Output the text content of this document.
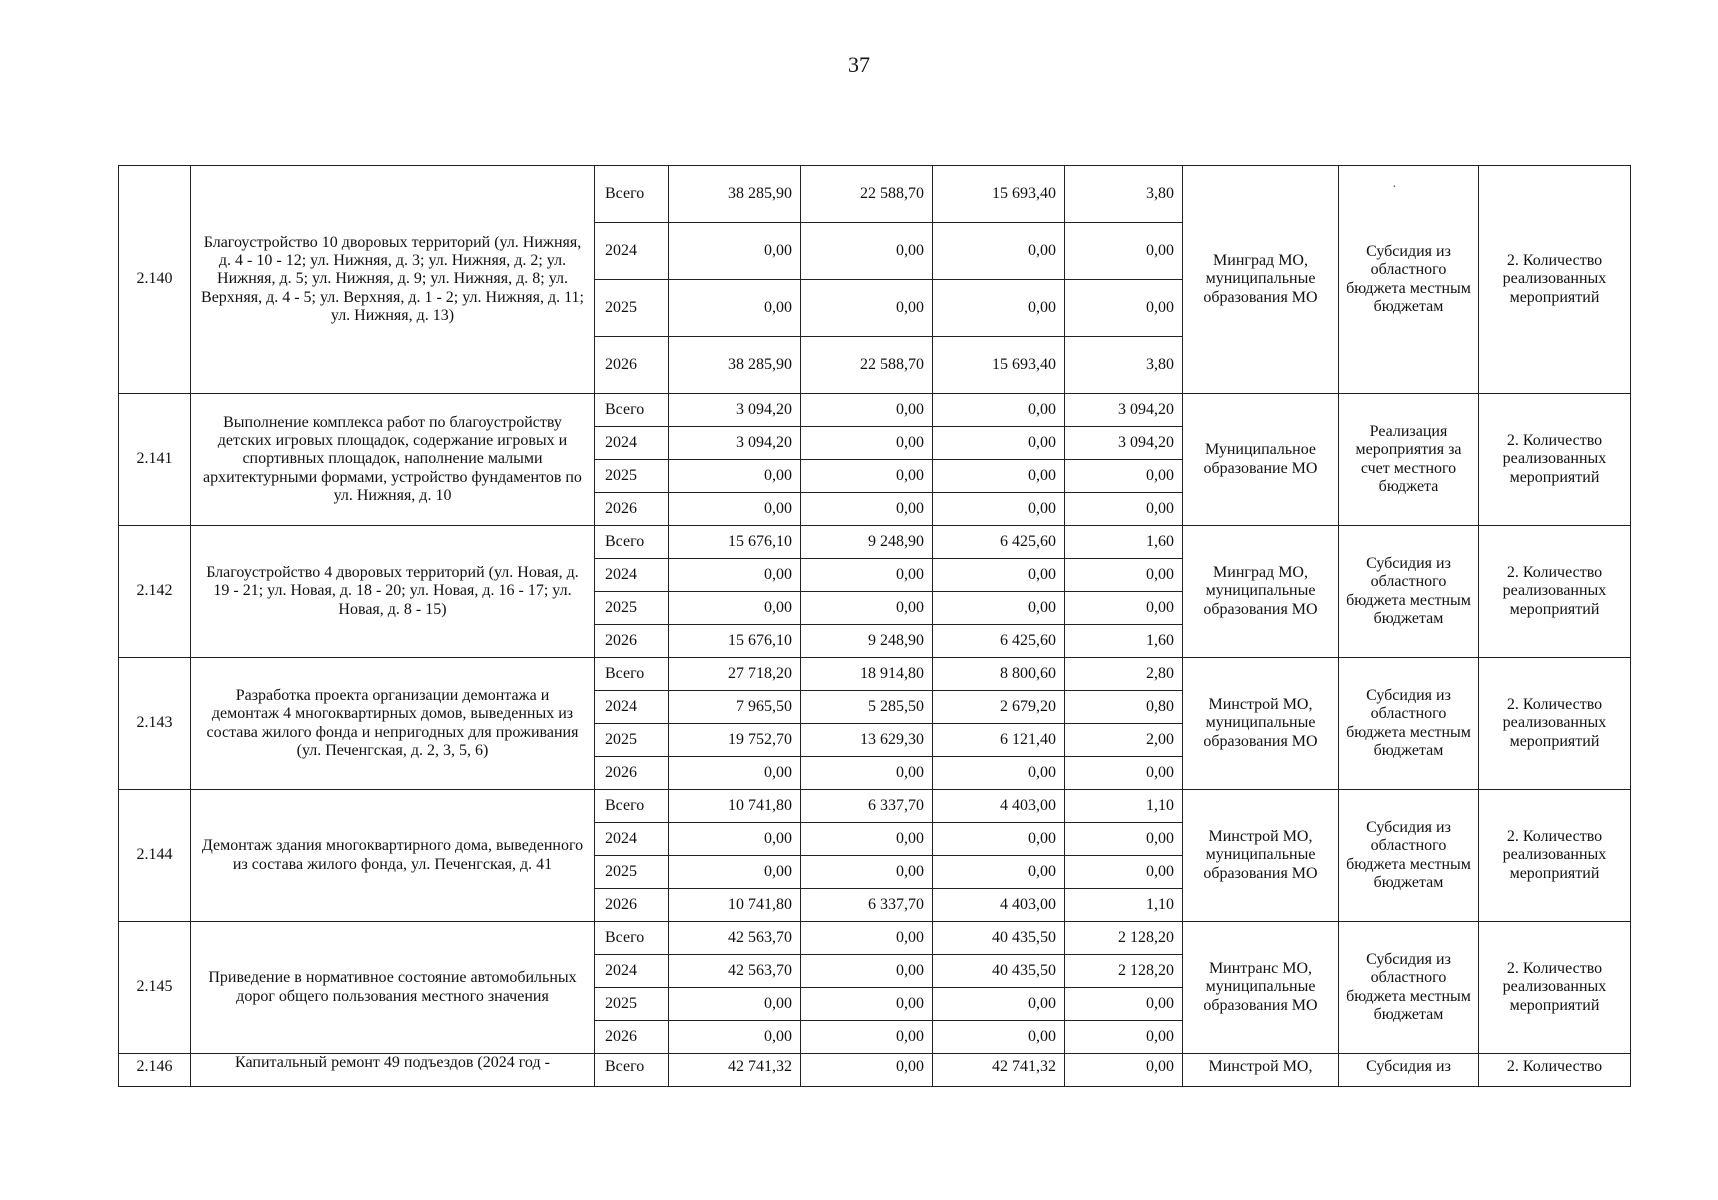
37
·
2.140	Благоустройство 10 дворовых территорий (ул. Нижняя, д. 4 - 10 - 12; ул. Нижняя, д. 3; ул. Нижняя, д. 2; ул. Нижняя, д. 5; ул. Нижняя, д. 9; ул. Нижняя, д. 8; ул. Верхняя, д. 4 - 5; ул. Верхняя, д. 1 - 2; ул. Нижняя, д. 11; ул. Нижняя, д. 13)	Всего	38 285,90	22 588,70	15 693,40	3,80	Минград МО, муниципальные образования МО	Субсидия из областного бюджета местным бюджетам	2. Количество реализованных мероприятий
		2024	0,00	0,00	0,00	0,00			
		2025	0,00	0,00	0,00	0,00			
		2026	38 285,90	22 588,70	15 693,40	3,80			
2.141	Выполнение комплекса работ по благоустройству детских игровых площадок, содержание игровых и спортивных площадок, наполнение малыми архитектурными формами, устройство фундаментов по ул. Нижняя, д. 10	Всего	3 094,20	0,00	0,00	3 094,20	Муниципальное образование МО	Реализация мероприятия за счет местного бюджета	2. Количество реализованных мероприятий
		2024	3 094,20	0,00	0,00	3 094,20			
		2025	0,00	0,00	0,00	0,00			
		2026	0,00	0,00	0,00	0,00			
2.142	Благоустройство 4 дворовых территорий (ул. Новая, д. 19 - 21; ул. Новая, д. 18 - 20; ул. Новая, д. 16 - 17; ул. Новая, д. 8 - 15)	Всего	15 676,10	9 248,90	6 425,60	1,60	Минград МО, муниципальные образования МО	Субсидия из областного бюджета местным бюджетам	2. Количество реализованных мероприятий
		2024	0,00	0,00	0,00	0,00			
		2025	0,00	0,00	0,00	0,00			
		2026	15 676,10	9 248,90	6 425,60	1,60			
2.143	Разработка проекта организации демонтажа и демонтаж 4 многоквартирных домов, выведенных из состава жилого фонда и непригодных для проживания (ул. Печенгская, д. 2, 3, 5, 6)	Всего	27 718,20	18 914,80	8 800,60	2,80	Минстрой МО, муниципальные образования МО	Субсидия из областного бюджета местным бюджетам	2. Количество реализованных мероприятий
		2024	7 965,50	5 285,50	2 679,20	0,80			
		2025	19 752,70	13 629,30	6 121,40	2,00			
		2026	0,00	0,00	0,00	0,00			
2.144	Демонтаж здания многоквартирного дома, выведенного из состава жилого фонда, ул. Печенгская, д. 41	Всего	10 741,80	6 337,70	4 403,00	1,10	Минстрой МО, муниципальные образования МО	Субсидия из областного бюджета местным бюджетам	2. Количество реализованных мероприятий
		2024	0,00	0,00	0,00	0,00			
		2025	0,00	0,00	0,00	0,00			
		2026	10 741,80	6 337,70	4 403,00	1,10			
2.145	Приведение в нормативное состояние автомобильных дорог общего пользования местного значения	Всего	42 563,70	0,00	40 435,50	2 128,20	Минтранс МО, муниципальные образования МО	Субсидия из областного бюджета местным бюджетам	2. Количество реализованных мероприятий
		2024	42 563,70	0,00	40 435,50	2 128,20			
		2025	0,00	0,00	0,00	0,00			
		2026	0,00	0,00	0,00	0,00			
2.146	Капитальный ремонт 49 подъездов (2024 год -	Всего	42 741,32	0,00	42 741,32	0,00	Минстрой МО,	Субсидия из	2. Количество
